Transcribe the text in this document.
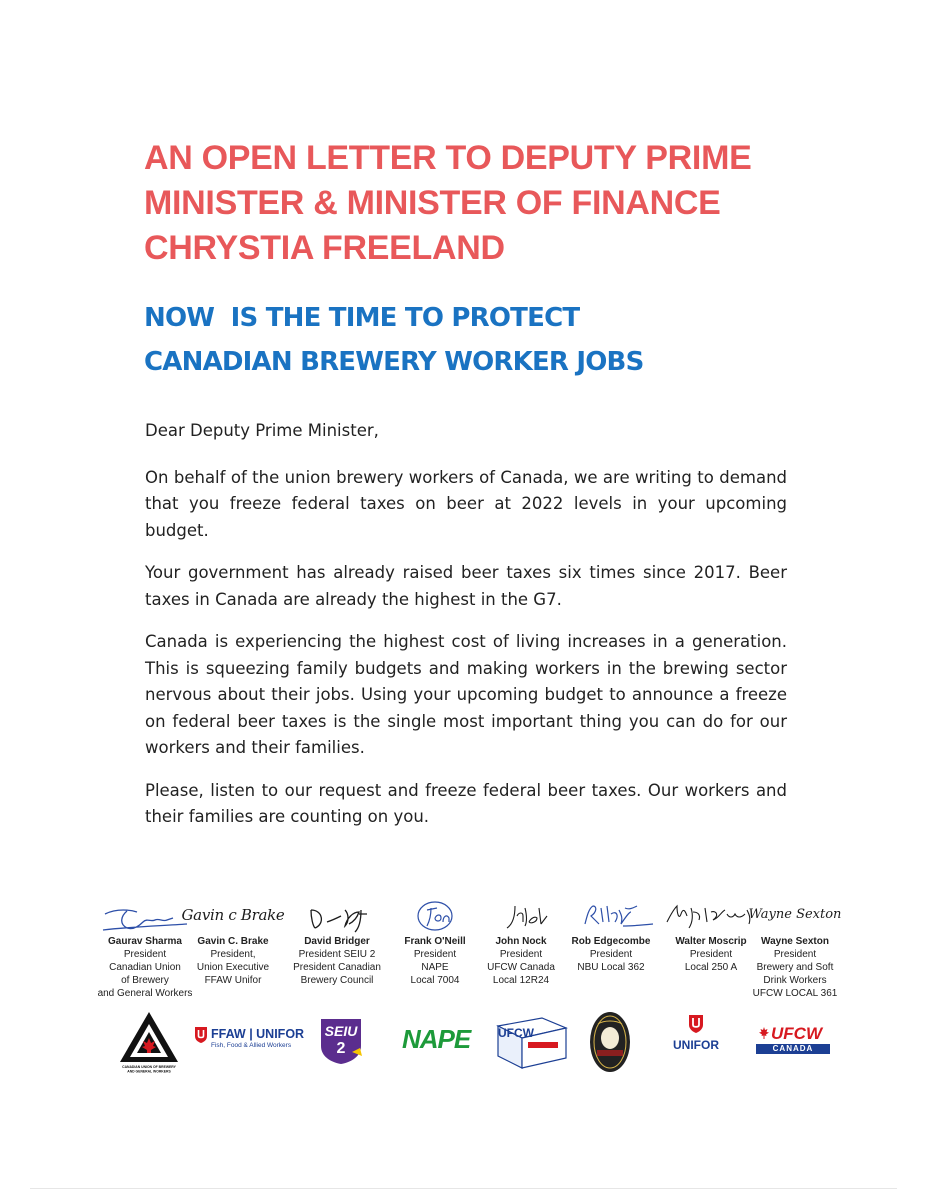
AN OPEN LETTER TO DEPUTY PRIME
MINISTER & MINISTER OF FINANCE
CHRYSTIA FREELAND
NOW  IS THE TIME TO PROTECT
CANADIAN BREWERY WORKER JOBS

Dear Deputy Prime Minister,

On behalf of the union brewery workers of Canada, we are writing to demand that you freeze federal taxes on beer at 2022 levels in your upcoming budget.

Your government has already raised beer taxes six times since 2017. Beer taxes in Canada are already the highest in the G7.

Canada is experiencing the highest cost of living increases in a generation. This is squeezing family budgets and making workers in the brewing sector nervous about their jobs. Using your upcoming budget to announce a freeze on federal beer taxes is the single most important thing you can do for our workers and their families.

Please, listen to our request and freeze federal beer taxes. Our workers and their families are counting on you.

Gaurav Sharma
President
Canadian Union
of Brewery
and General Workers
Gavin c Brake
Gavin C. Brake
President,
Union Executive
FFAW Unifor
David Bridger
President SEIU 2
President Canadian
Brewery Council
Frank O'Neill
President
NAPE
Local 7004
John Nock
President
UFCW Canada
Local 12R24
Rob Edgecombe
President
NBU Local 362
Walter Moscrip
President
Local 250 A
Wayne Sexton
Wayne Sexton
President
Brewery and Soft
Drink Workers
UFCW LOCAL 361
CANADIAN UNION OF BREWERY
AND GENERAL WORKERS
FFAW | UNIFOR
Fish, Food & Allied Workers
SEIU
2	NAPE UFCW
UNIFOR
UFCW
CANADA
